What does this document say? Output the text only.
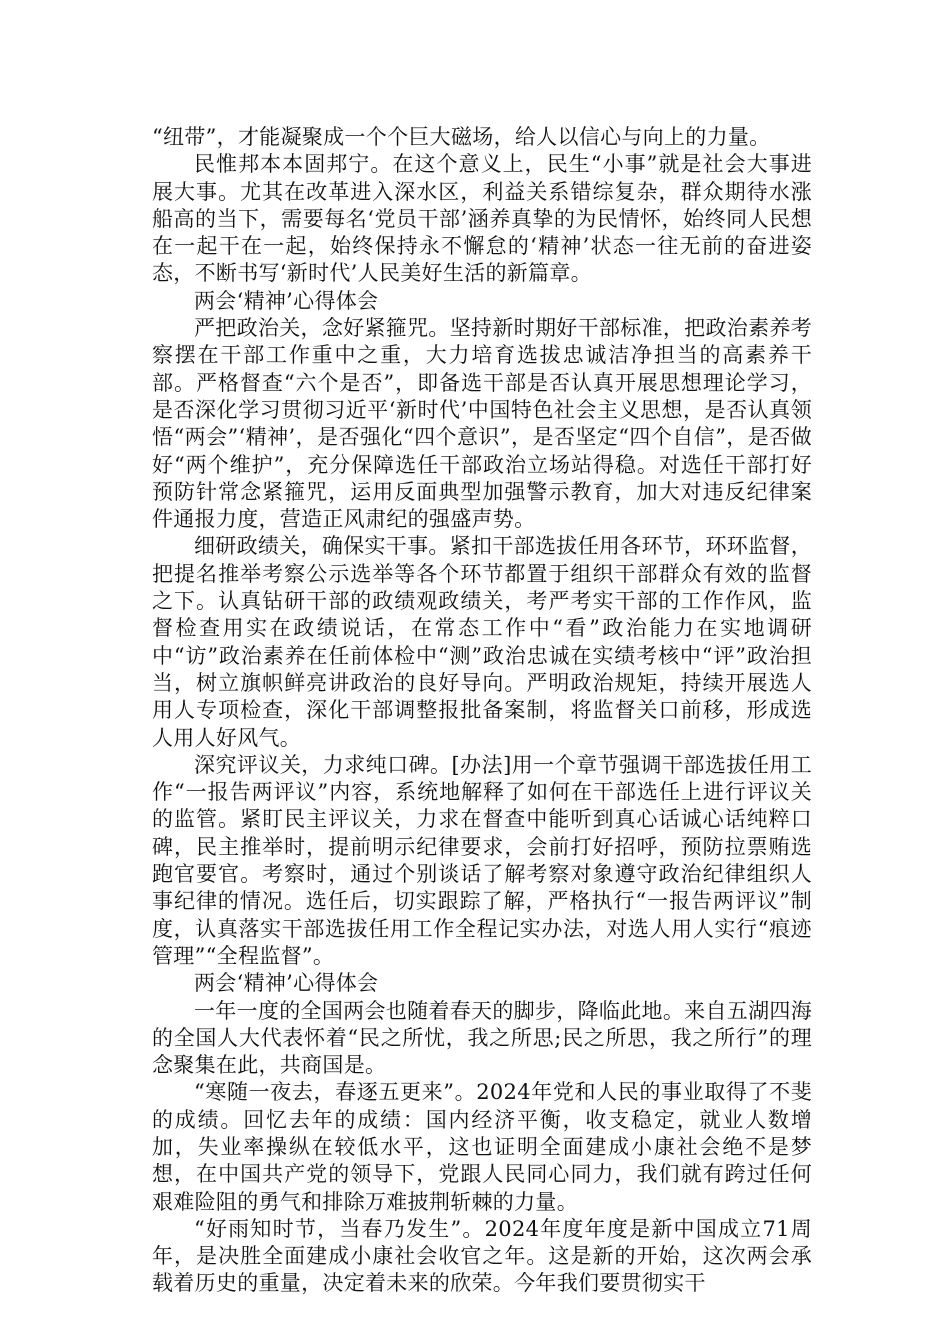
“纽带”，才能凝聚成一个个巨大磁场，给人以信心与向上的力量。

民惟邦本本固邦宁。在这个意义上，民生“小事”就是社会大事进展大事。尤其在改革进入深水区，利益关系错综复杂，群众期待水涨船高的当下，需要每名‘党员干部’涵养真挚的为民情怀，始终同人民想在一起干在一起，始终保持永不懈怠的‘精神’状态一往无前的奋进姿态，不断书写‘新时代’人民美好生活的新篇章。

两会‘精神’心得体会

严把政治关，念好紧箍咒。坚持新时期好干部标准，把政治素养考察摆在干部工作重中之重，大力培育选拔忠诚洁净担当的高素养干部。严格督查“六个是否”，即备选干部是否认真开展思想理论学习，是否深化学习贯彻习近平‘新时代’中国特色社会主义思想，是否认真领悟“两会”‘精神’，是否强化“四个意识”，是否坚定“四个自信”，是否做好“两个维护”，充分保障选任干部政治立场站得稳。对选任干部打好预防针常念紧箍咒，运用反面典型加强警示教育，加大对违反纪律案件通报力度，营造正风肃纪的强盛声势。

细研政绩关，确保实干事。紧扣干部选拔任用各环节，环环监督，把提名推举考察公示选举等各个环节都置于组织干部群众有效的监督之下。认真钻研干部的政绩观政绩关，考严考实干部的工作作风，监督检查用实在政绩说话，在常态工作中“看”政治能力在实地调研中“访”政治素养在任前体检中“测”政治忠诚在实绩考核中“评”政治担当，树立旗帜鲜亮讲政治的良好导向。严明政治规矩，持续开展选人用人专项检查，深化干部调整报批备案制，将监督关口前移，形成选人用人好风气。

深究评议关，力求纯口碑。[办法]用一个章节强调干部选拔任用工作“一报告两评议”内容，系统地解释了如何在干部选任上进行评议关的监管。紧盯民主评议关，力求在督查中能听到真心话诚心话纯粹口碑，民主推举时，提前明示纪律要求，会前打好招呼，预防拉票贿选跑官要官。考察时，通过个别谈话了解考察对象遵守政治纪律组织人事纪律的情况。选任后，切实跟踪了解，严格执行“一报告两评议”制度，认真落实干部选拔任用工作全程记实办法，对选人用人实行“痕迹管理”“全程监督”。

两会‘精神’心得体会

一年一度的全国两会也随着春天的脚步，降临此地。来自五湖四海的全国人大代表怀着“民之所忧，我之所思;民之所思，我之所行”的理念聚集在此，共商国是。

“寒随一夜去，春逐五更来”。2024年党和人民的事业取得了不斐的成绩。回忆去年的成绩：国内经济平衡，收支稳定，就业人数增加，失业率操纵在较低水平，这也证明全面建成小康社会绝不是梦想，在中国共产党的领导下，党跟人民同心同力，我们就有跨过任何艰难险阻的勇气和排除万难披荆斩棘的力量。

“好雨知时节，当春乃发生”。2024年度年度是新中国成立71周年，是决胜全面建成小康社会收官之年。这是新的开始，这次两会承载着历史的重量，决定着未来的欣荣。今年我们要贯彻实干
